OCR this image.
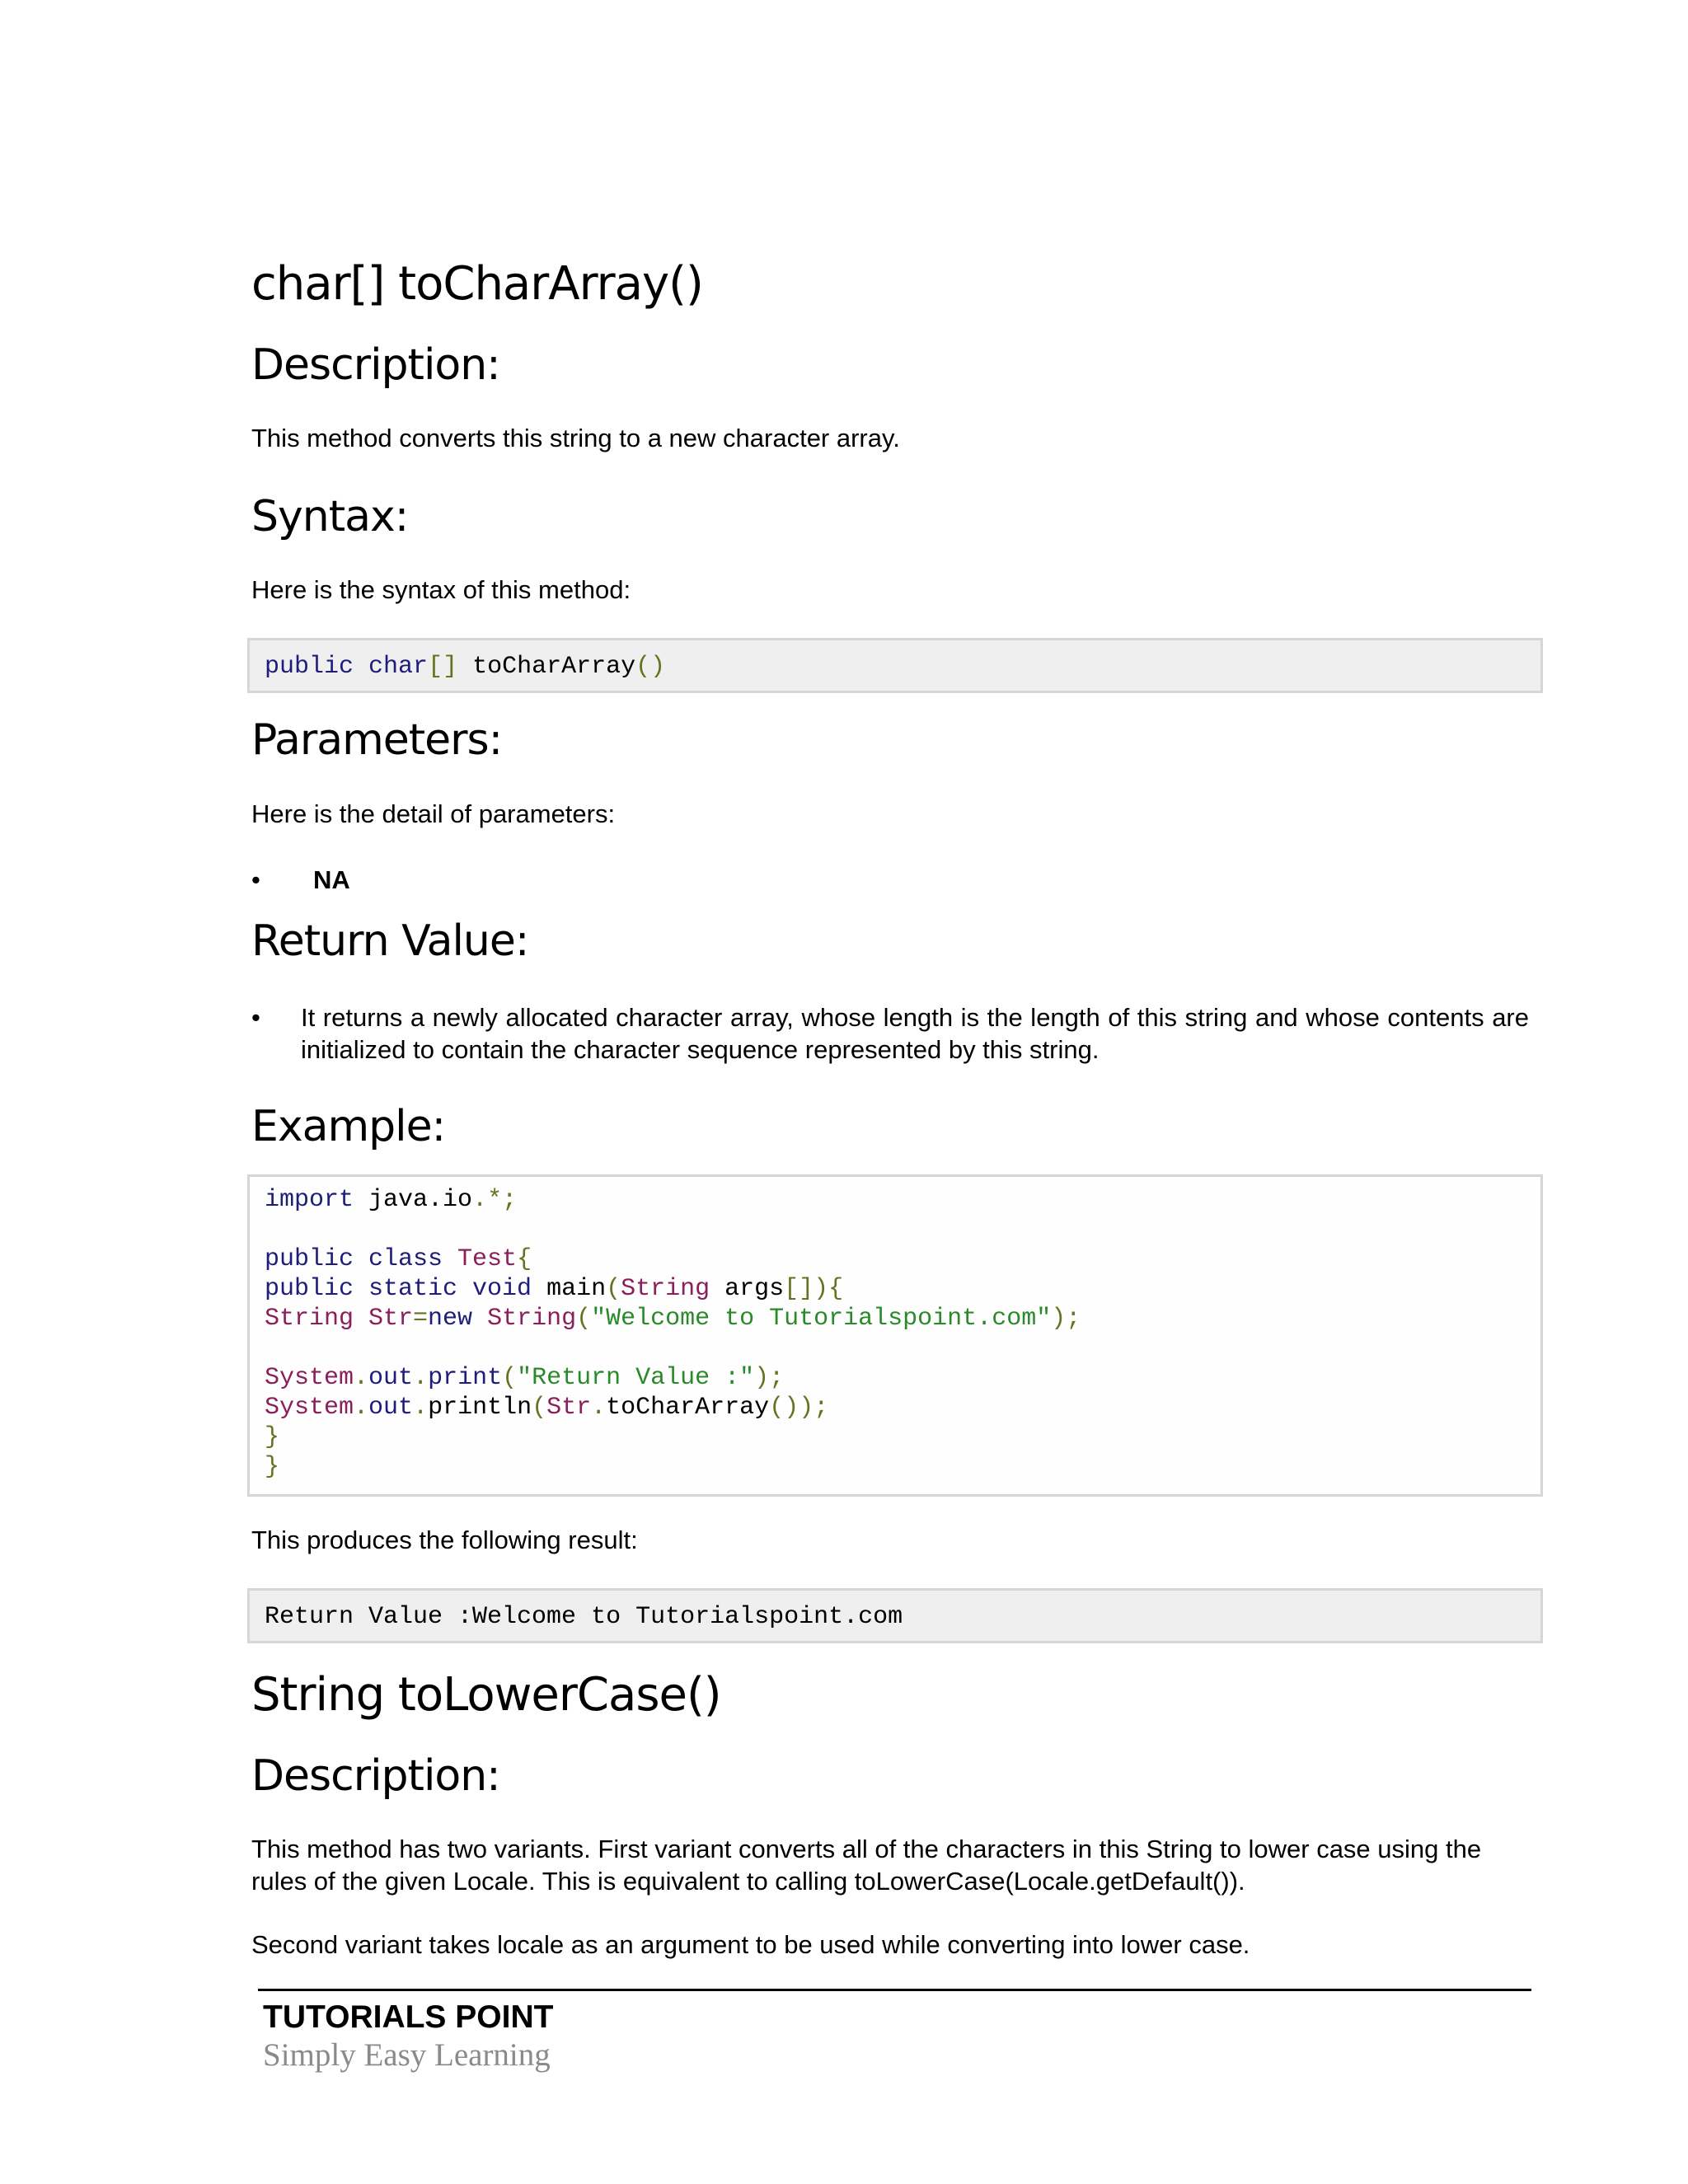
char[] toCharArray()
Description:

This method converts this string to a new character array.

Syntax:

Here is the syntax of this method:

public char[] toCharArray()
Parameters:

Here is the detail of parameters:

•	NA
Return Value:
•	It returns a newly allocated character array, whose length is the length of this string and whose contents are initialized to contain the character sequence represented by this string.
Example:
import java.io.*;

public class Test{
public static void main(String args[]){
String Str=new String("Welcome to Tutorialspoint.com");

System.out.print("Return Value :");
System.out.println(Str.toCharArray());
}
}

This produces the following result:

Return Value :Welcome to Tutorialspoint.com
String toLowerCase()
Description:

This method has two variants. First variant converts all of the characters in this String to lower case using the rules of the given Locale. This is equivalent to calling toLowerCase(Locale.getDefault()).

Second variant takes locale as an argument to be used while converting into lower case.

TUTORIALS POINT
Simply Easy Learning
